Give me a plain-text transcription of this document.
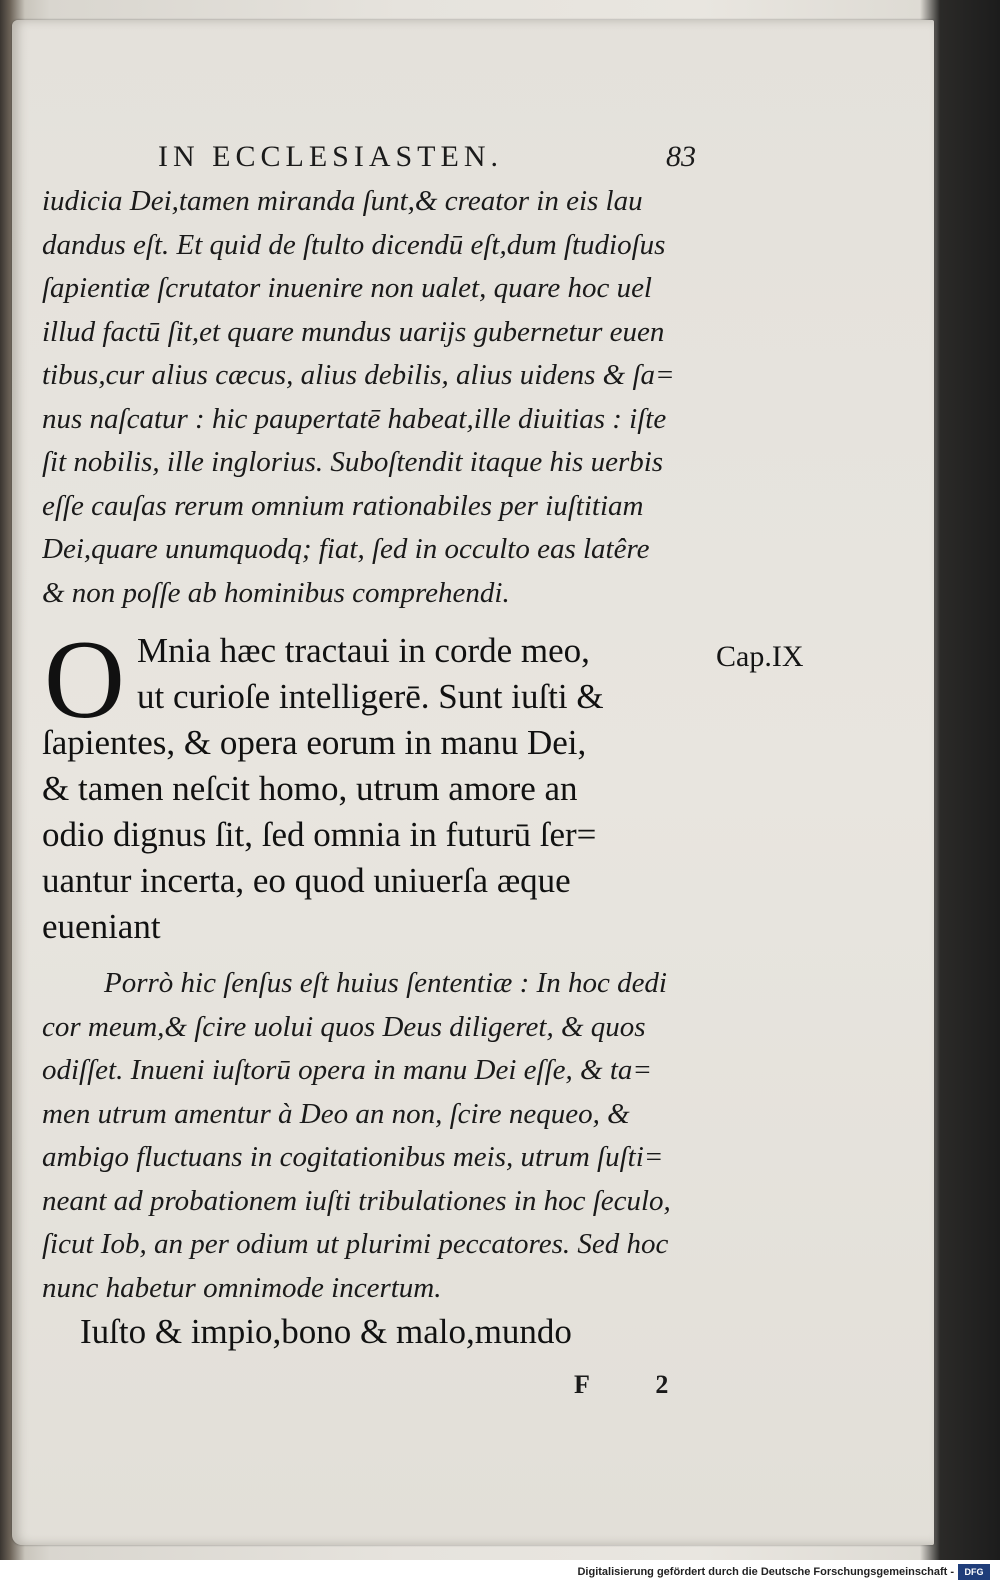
IN ECCLESIASTEN.	83
iudicia Dei,tamen miranda ſunt,& creator in eis lau
dandus eſt. Et quid de ſtulto dicendū eſt,dum ſtudioſus
ſapientiæ ſcrutator inuenire non ualet, quare hoc uel
illud factū ſit,et quare mundus uarijs gubernetur euen
tibus,cur alius cæcus, alius debilis, alius uidens & ſa=
nus naſcatur : hic paupertatē habeat,ille diuitias : iſte
ſit nobilis, ille inglorius. Suboſtendit itaque his uerbis
eſſe cauſas rerum omnium rationabiles per iuſtitiam
Dei,quare unumquodq; fiat, ſed in occulto eas latêre
& non poſſe ab hominibus comprehendi.
O Mnia hæc tractaui in corde meo,
ut curioſe intelligerē. Sunt iuſti &
ſapientes, & opera eorum in manu Dei,
& tamen neſcit homo, utrum amore an
odio dignus ſit, ſed omnia in futurū ſer=
uantur incerta, eo quod uniuerſa æque
eueniant
Cap.IX
Porrò hic ſenſus eſt huius ſententiæ : In hoc dedi
cor meum,& ſcire uolui quos Deus diligeret, & quos
odiſſet. Inueni iuſtorū opera in manu Dei eſſe, & ta=
men utrum amentur à Deo an non, ſcire nequeo, &
ambigo fluctuans in cogitationibus meis, utrum ſuſti=
neant ad probationem iuſti tribulationes in hoc ſeculo,
ſicut Iob, an per odium ut plurimi peccatores. Sed hoc
nunc habetur omnimode incertum.
Iuſto & impio,bono & malo,mundo
F 2
Digitalisierung gefördert durch die Deutsche Forschungsgemeinschaft -	DFG
